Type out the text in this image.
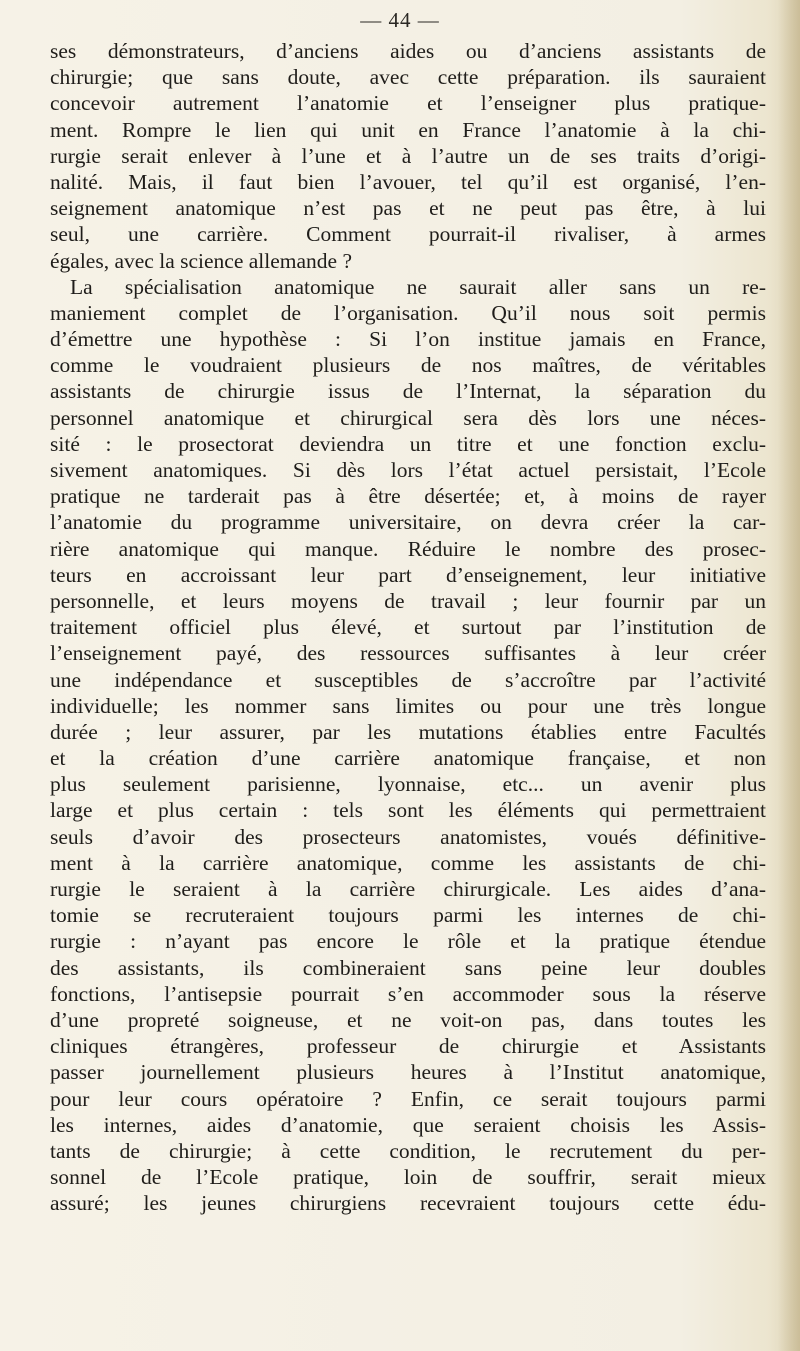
— 44 —
ses démonstrateurs, d’anciens aides ou d’anciens assistants de
chirurgie; que sans doute, avec cette préparation. ils sauraient
concevoir autrement l’anatomie et l’enseigner plus pratique-
ment. Rompre le lien qui unit en France l’anatomie à la chi-
rurgie serait enlever à l’une et à l’autre un de ses traits d’origi-
nalité. Mais, il faut bien l’avouer, tel qu’il est organisé, l’en-
seignement anatomique n’est pas et ne peut pas être, à lui
seul, une carrière. Comment pourrait-il rivaliser, à armes
égales, avec la science allemande ?
La spécialisation anatomique ne saurait aller sans un re-
maniement complet de l’organisation. Qu’il nous soit permis
d’émettre une hypothèse : Si l’on institue jamais en France,
comme le voudraient plusieurs de nos maîtres, de véritables
assistants de chirurgie issus de l’Internat, la séparation du
personnel anatomique et chirurgical sera dès lors une néces-
sité : le prosectorat deviendra un titre et une fonction exclu-
sivement anatomiques. Si dès lors l’état actuel persistait, l’Ecole
pratique ne tarderait pas à être désertée; et, à moins de rayer
l’anatomie du programme universitaire, on devra créer la car-
rière anatomique qui manque. Réduire le nombre des prosec-
teurs en accroissant leur part d’enseignement, leur initiative
personnelle, et leurs moyens de travail ; leur fournir par un
traitement officiel plus élevé, et surtout par l’institution de
l’enseignement payé, des ressources suffisantes à leur créer
une indépendance et susceptibles de s’accroître par l’activité
individuelle; les nommer sans limites ou pour une très longue
durée ; leur assurer, par les mutations établies entre Facultés
et la création d’une carrière anatomique française, et non
plus seulement parisienne, lyonnaise, etc... un avenir plus
large et plus certain : tels sont les éléments qui permettraient
seuls d’avoir des prosecteurs anatomistes, voués définitive-
ment à la carrière anatomique, comme les assistants de chi-
rurgie le seraient à la carrière chirurgicale. Les aides d’ana-
tomie se recruteraient toujours parmi les internes de chi-
rurgie : n’ayant pas encore le rôle et la pratique étendue
des assistants, ils combineraient sans peine leur doubles
fonctions, l’antisepsie pourrait s’en accommoder sous la réserve
d’une propreté soigneuse, et ne voit-on pas, dans toutes les
cliniques étrangères, professeur de chirurgie et Assistants
passer journellement plusieurs heures à l’Institut anatomique,
pour leur cours opératoire ? Enfin, ce serait toujours parmi
les internes, aides d’anatomie, que seraient choisis les Assis-
tants de chirurgie; à cette condition, le recrutement du per-
sonnel de l’Ecole pratique, loin de souffrir, serait mieux
assuré; les jeunes chirurgiens recevraient toujours cette édu-
